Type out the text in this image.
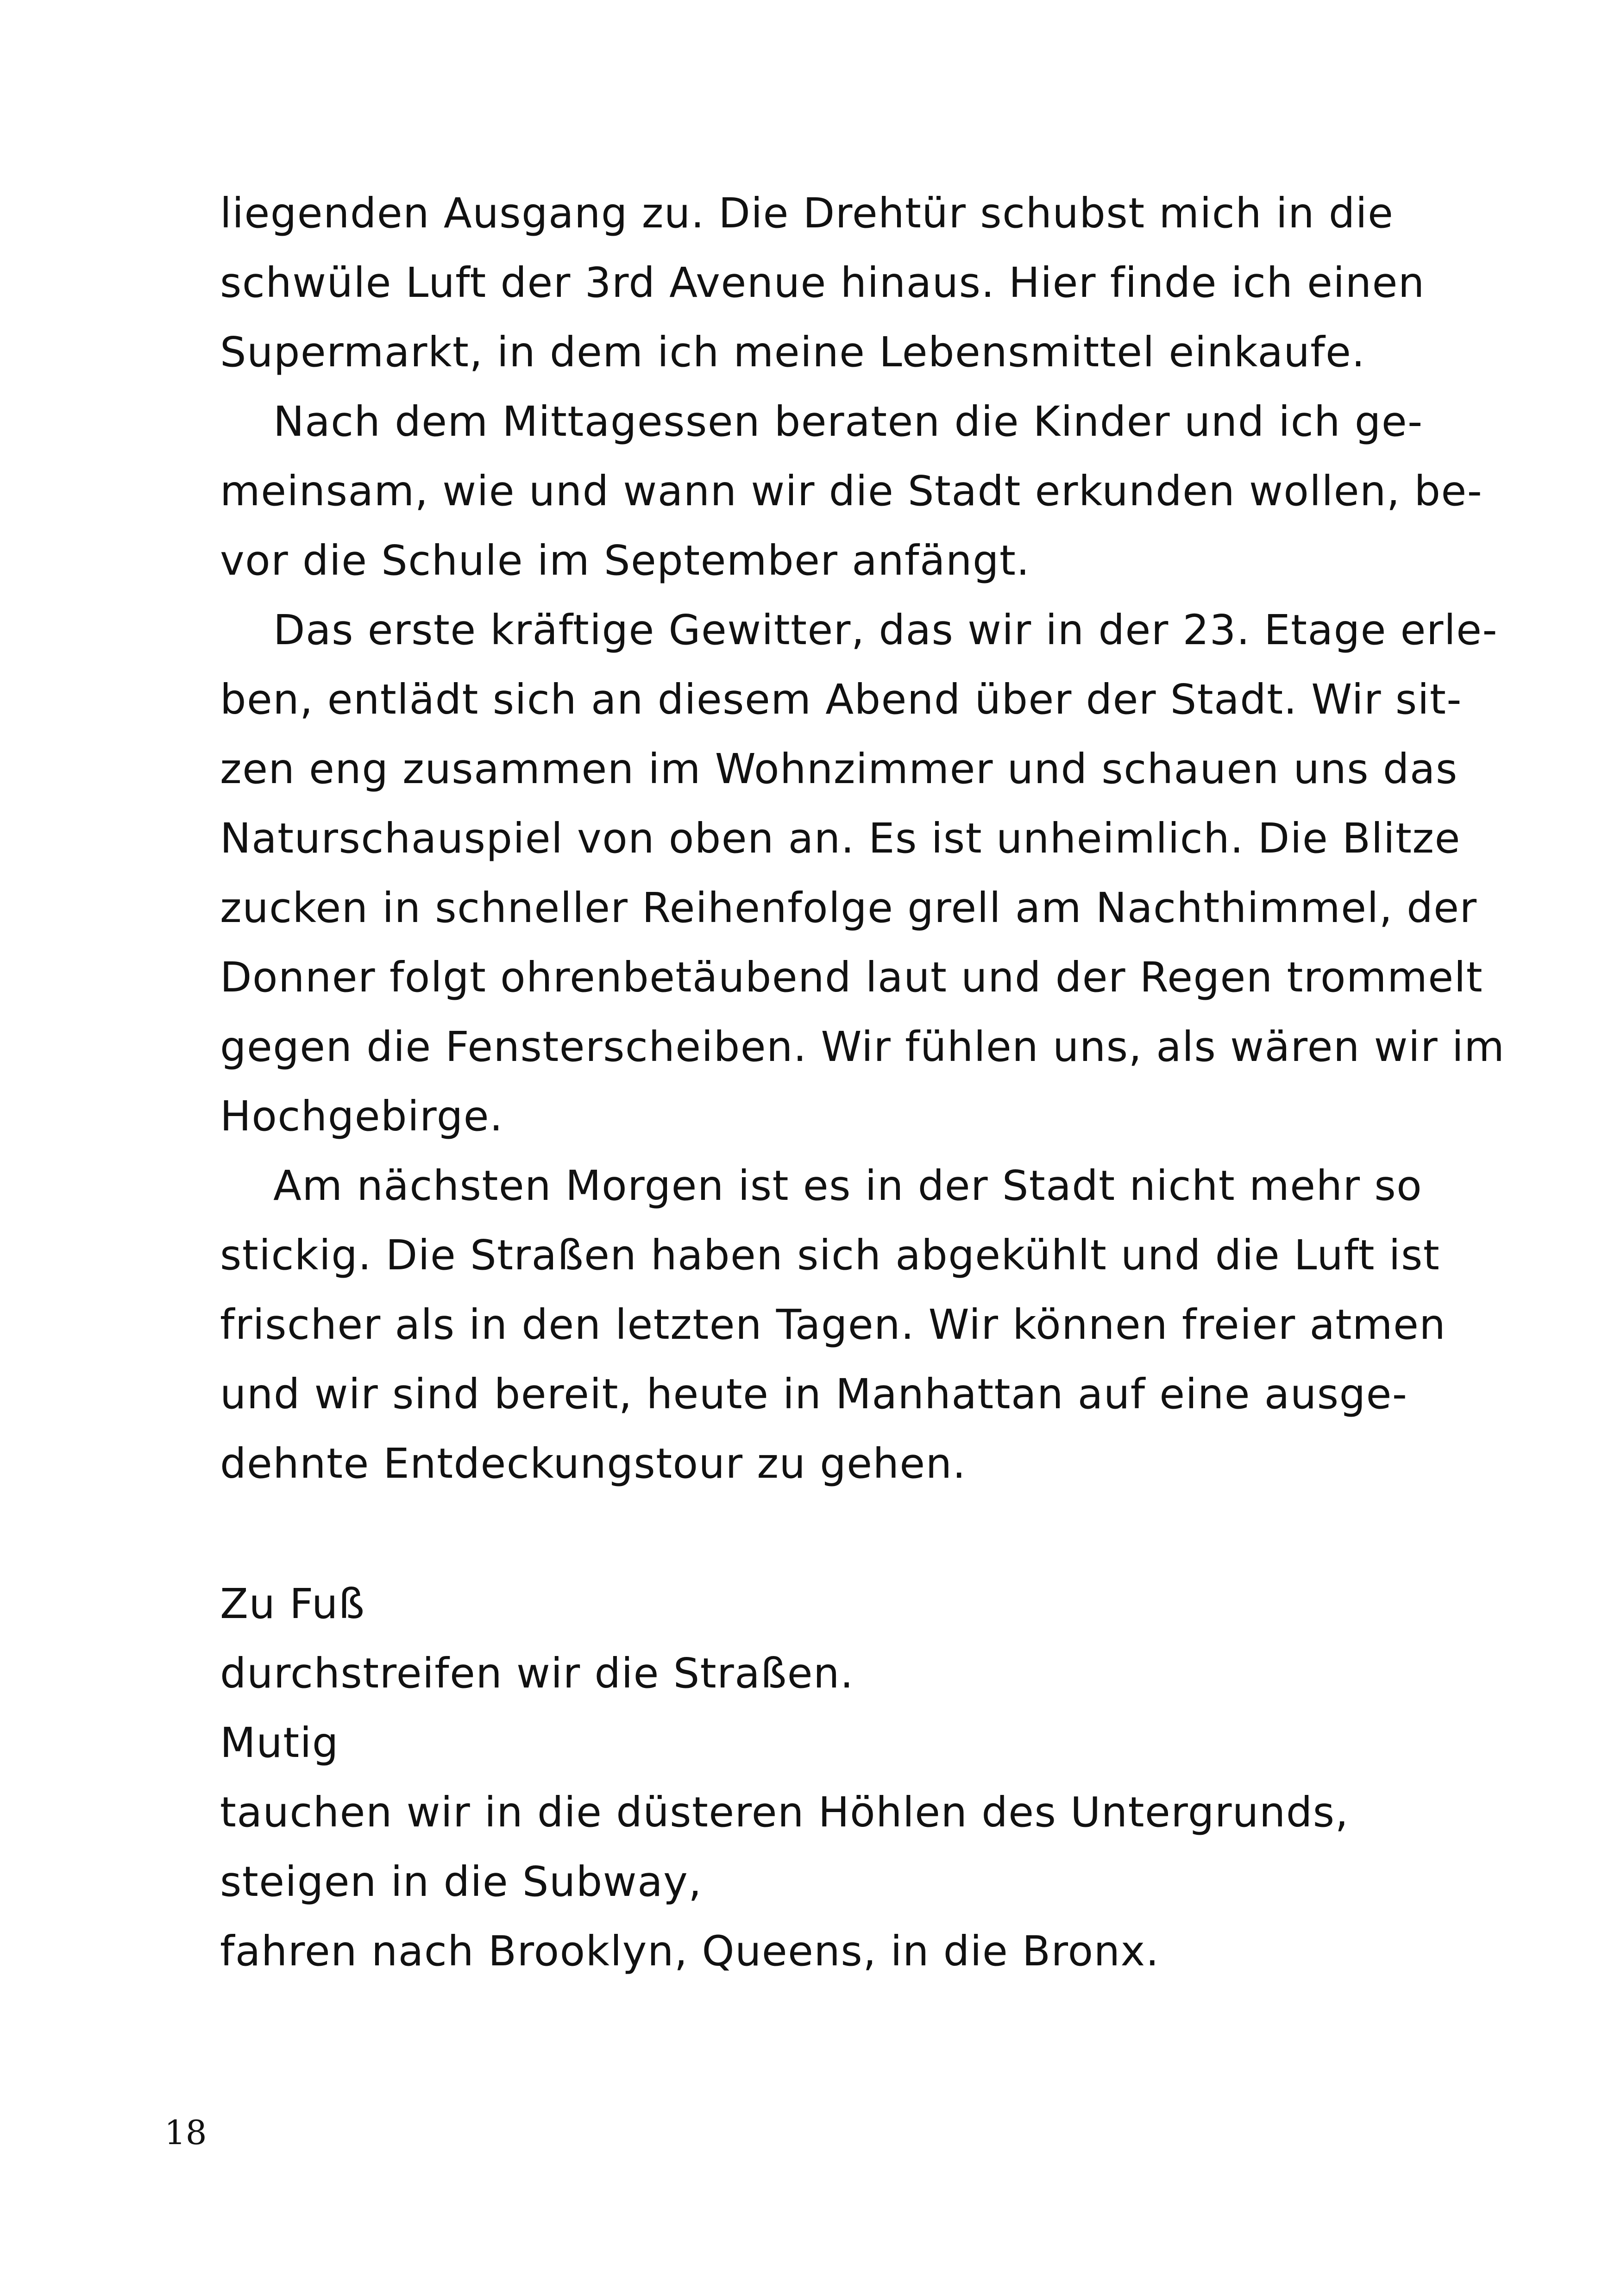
liegenden Ausgang zu. Die Drehtür schubst mich in die
schwüle Luft der 3rd Avenue hinaus. Hier finde ich einen
Supermarkt, in dem ich meine Lebensmittel einkaufe.

Nach dem Mittagessen beraten die Kinder und ich ge-
meinsam, wie und wann wir die Stadt erkunden wollen, be-
vor die Schule im September anfängt.

Das erste kräftige Gewitter, das wir in der 23. Etage erle-
ben, entlädt sich an diesem Abend über der Stadt. Wir sit-
zen eng zusammen im Wohnzimmer und schauen uns das
Naturschauspiel von oben an. Es ist unheimlich. Die Blitze
zucken in schneller Reihenfolge grell am Nachthimmel, der
Donner folgt ohrenbetäubend laut und der Regen trommelt
gegen die Fensterscheiben. Wir fühlen uns, als wären wir im
Hochgebirge.

Am nächsten Morgen ist es in der Stadt nicht mehr so
stickig. Die Straßen haben sich abgekühlt und die Luft ist
frischer als in den letzten Tagen. Wir können freier atmen
und wir sind bereit, heute in Manhattan auf eine ausge-
dehnte Entdeckungstour zu gehen.

Zu Fuß
durchstreifen wir die Straßen.
Mutig
tauchen wir in die düsteren Höhlen des Untergrunds,
steigen in die Subway,
fahren nach Brooklyn, Queens, in die Bronx.
18
